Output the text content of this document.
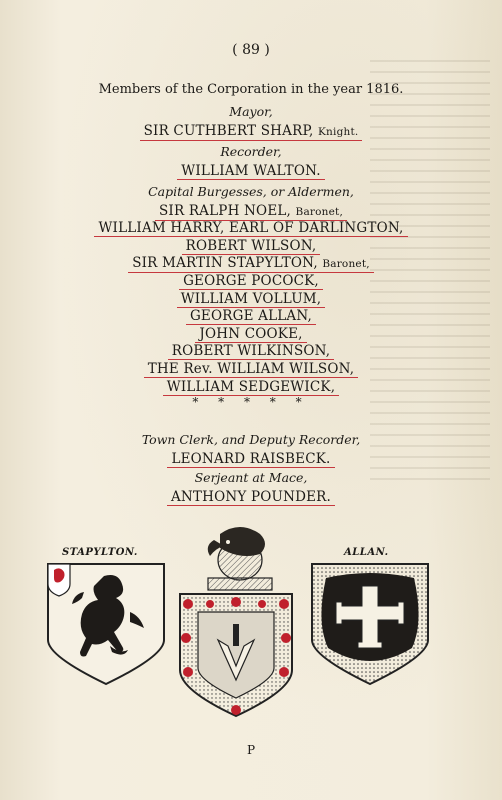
( 89 )
Members of the Corporation in the year 1816.
Mayor,
SIR CUTHBERT SHARP, Knight.
Recorder,
WILLIAM WALTON.
Capital Burgesses, or Aldermen,
SIR RALPH NOEL, Baronet,
WILLIAM HARRY, EARL OF DARLINGTON,
ROBERT WILSON,
SIR MARTIN STAPYLTON, Baronet,
GEORGE POCOCK,
WILLIAM VOLLUM,
GEORGE ALLAN,
JOHN COOKE,
ROBERT WILKINSON,
THE Rev. WILLIAM WILSON,
WILLIAM SEDGEWICK,
* * * * *
Town Clerk, and Deputy Recorder,
LEONARD RAISBECK.
Serjeant at Mace,
ANTHONY POUNDER.
STAPYLTON.	ALLAN.
P
